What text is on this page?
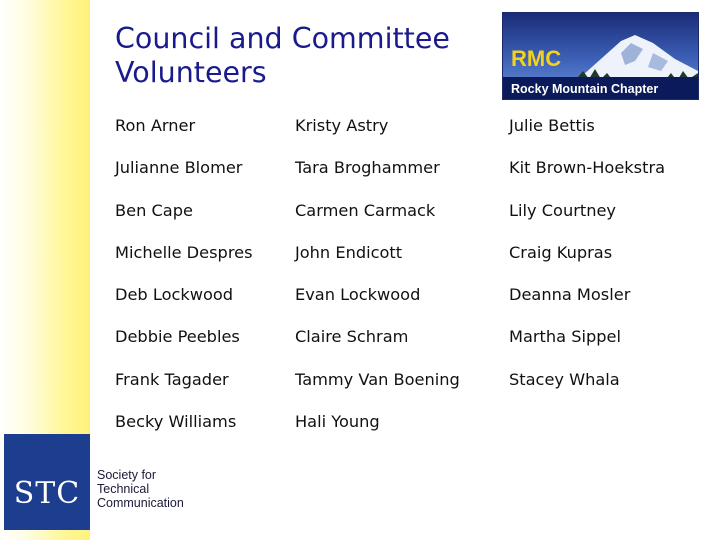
Council and Committee
Volunteers	RMC
Rocky Mountain Chapter
Ron Arner	Kristy Astry	Julie Bettis
Julianne Blomer	Tara Broghammer	Kit Brown-Hoekstra
Ben Cape	Carmen Carmack	Lily Courtney
Michelle Despres	John Endicott	Craig Kupras
Deb Lockwood	Evan Lockwood	Deanna Mosler
Debbie Peebles	Claire Schram	Martha Sippel
Frank Tagader	Tammy Van Boening	Stacey Whala
Becky Williams	Hali Young
STC
Society for
Technical
Communication
